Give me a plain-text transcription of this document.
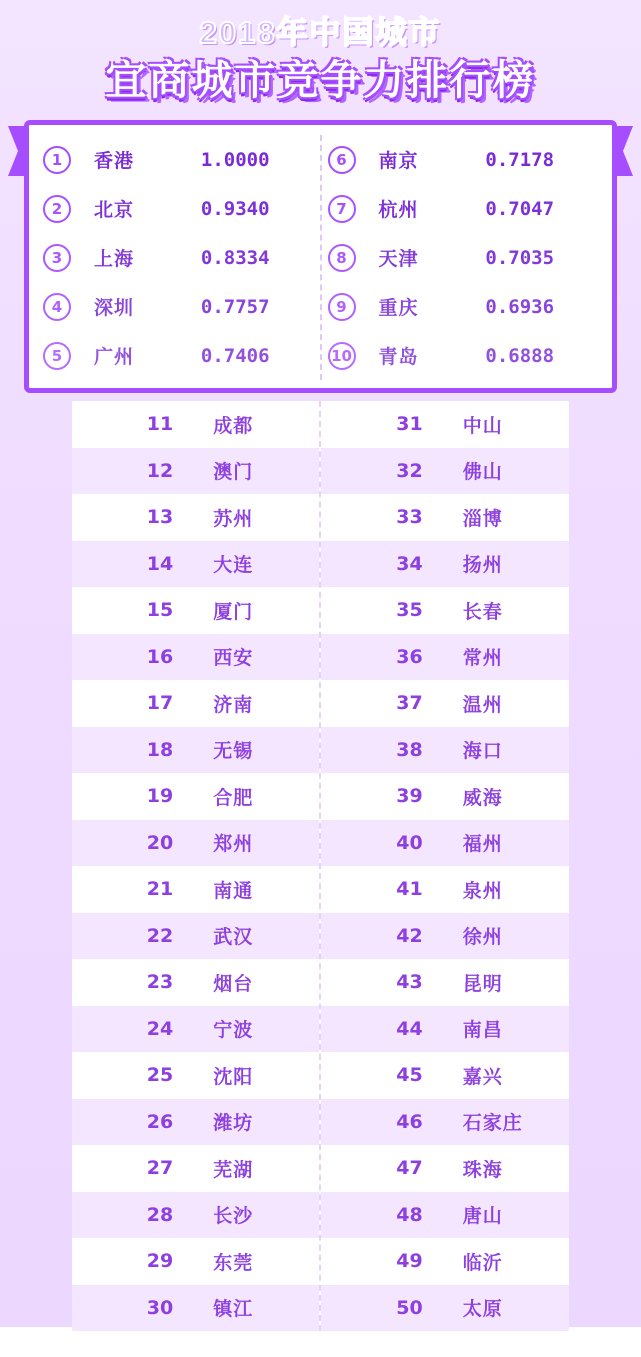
2018年中国城市
宜商城市竞争力排行榜
1	香港	1.0000
2	北京	0.9340
3	上海	0.8334
4	深圳	0.7757
5	广州	0.7406
6	南京	0.7178
7	杭州	0.7047
8	天津	0.7035
9	重庆	0.6936
10	青岛	0.6888
11	成都
12	澳门
13	苏州
14	大连
15	厦门
16	西安
17	济南
18	无锡
19	合肥
20	郑州
21	南通
22	武汉
23	烟台
24	宁波
25	沈阳
26	潍坊
27	芜湖
28	长沙
29	东莞
30	镇江
31	中山
32	佛山
33	淄博
34	扬州
35	长春
36	常州
37	温州
38	海口
39	威海
40	福州
41	泉州
42	徐州
43	昆明
44	南昌
45	嘉兴
46	石家庄
47	珠海
48	唐山
49	临沂
50	太原
